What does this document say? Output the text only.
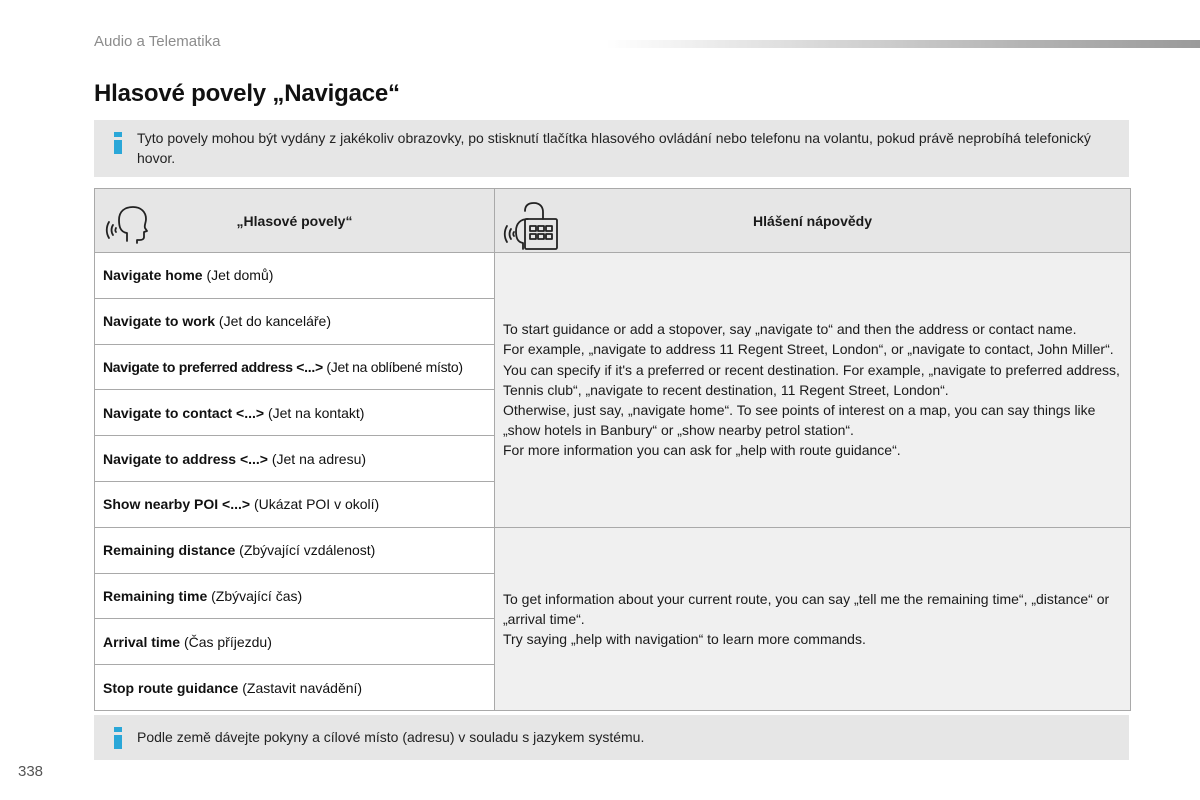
Audio a Telematika
Hlasové povely „Navigace“
Tyto povely mohou být vydány z jakékoliv obrazovky, po stisknutí tlačítka hlasového ovládání nebo telefonu na volantu, pokud právě neprobíhá telefonický hovor.
„Hlasové povely“	Hlášení nápovědy

Navigate home (Jet domů)	To start guidance or add a stopover, say „navigate to“ and then the address or contact name.
For example, „navigate to address 11 Regent Street, London“, or „navigate to contact, John Miller“.
You can specify if it's a preferred or recent destination. For example, „navigate to preferred address, Tennis club“, „navigate to recent destination, 11 Regent Street, London“.
Otherwise, just say, „navigate home“. To see points of interest on a map, you can say things like „show hotels in Banbury“ or „show nearby petrol station“.
For more information you can ask for „help with route guidance“.

Navigate to work (Jet do kanceláře)	
Navigate to preferred address <...> (Jet na oblíbené místo)	
Navigate to contact <...> (Jet na kontakt)	
Navigate to address <...> (Jet na adresu)	
Show nearby POI <...> (Ukázat POI v okolí)	
Remaining distance (Zbývající vzdálenost)	To get information about your current route, you can say „tell me the remaining time“, „distance“ or „arrival time“.
Try saying „help with navigation“ to learn more commands.

Remaining time (Zbývající čas)	
Arrival time (Čas příjezdu)	
Stop route guidance (Zastavit navádění)	
Podle země dávejte pokyny a cílové místo (adresu) v souladu s jazykem systému.
338
